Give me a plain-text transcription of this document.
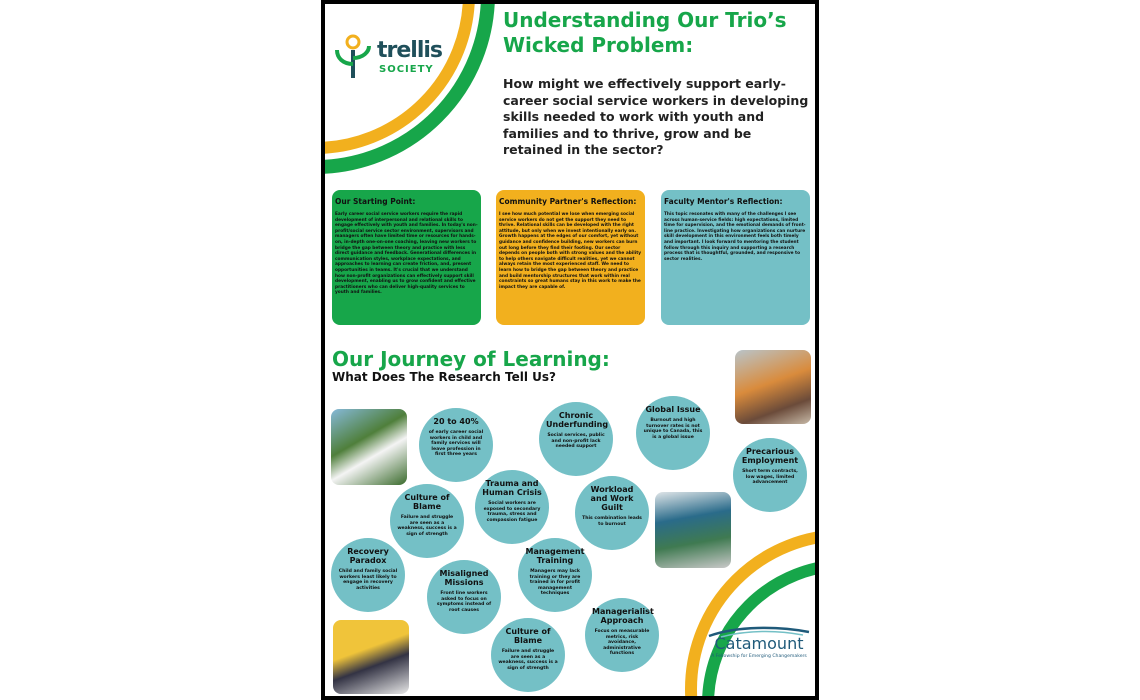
trellis
SOCIETY
Understanding Our Trio’s
Wicked Problem:
How might we effectively support early-career social service workers in developing skills needed to work with youth and families and to thrive, grow and be retained in the sector?
Our Starting Point:
Early career social service workers require the rapid development of interpersonal and relational skills to engage effectively with youth and families. In today's non-profit/social service sector environment, supervisors and managers often have limited time or resources for hands-on, in-depth one-on-one coaching, leaving new workers to bridge the gap between theory and practice with less direct guidance and feedback. Generational differences in communication styles, workplace expectations, and approaches to learning can create friction, and, present opportunities in teams. It's crucial that we understand how non-profit organizations can effectively support skill development, enabling us to grow confident and effective practitioners who can deliver high-quality services to youth and families.
Community Partner's Reflection:
I see how much potential we lose when emerging social service workers do not get the support they need to thrive. Relational skills can be developed with the right attitude, but only when we invest intentionally early on. Growth happens at the edges of our comfort, yet without guidance and confidence building, new workers can burn out long before they find their footing. Our sector depends on people both with strong values and the ability to help others navigate difficult realities, yet we cannot always retain the most experienced staff. We need to learn how to bridge the gap between theory and practice and build mentorship structures that work within real constraints so great humans stay in this work to make the impact they are capable of.
Faculty Mentor's Reflection:
This topic resonates with many of the challenges I see across human-service fields: high expectations, limited time for supervision, and the emotional demands of front-line practice. Investigating how organizations can nurture skill development in this environment feels both timely and important. I look forward to mentoring the student follow through this inquiry and supporting a research process that is thoughtful, grounded, and responsive to sector realities.
Our Journey of Learning:
What Does The Research Tell Us?
20 to 40%
of early career social workers in child and family services will leave profession in first three years
Chronic Underfunding
Social services, public and non-profit lack needed support
Global Issue
Burnout and high turnover rates is not unique to Canada, this is a global issue
Precarious Employment
Short term contracts, low wages, limited advancement
Trauma and Human Crisis
Social workers are exposed to secondary trauma, stress and compassion fatigue
Workload and Work Guilt
This combination leads to burnout
Culture of Blame
Failure and struggle are seen as a weakness, success is a sign of strength
Recovery Paradox
Child and family social workers least likely to engage in recovery activities
Misaligned Missions
Front line workers asked to focus on symptoms instead of root causes
Management Training
Managers may lack training or they are trained in for profit management techniques
Culture of Blame
Failure and struggle are seen as a weakness, success is a sign of strength
Managerialist Approach
Focus on measurable metrics, risk avoidance, administrative functions
Catamount
A Fellowship for Emerging Changemakers
